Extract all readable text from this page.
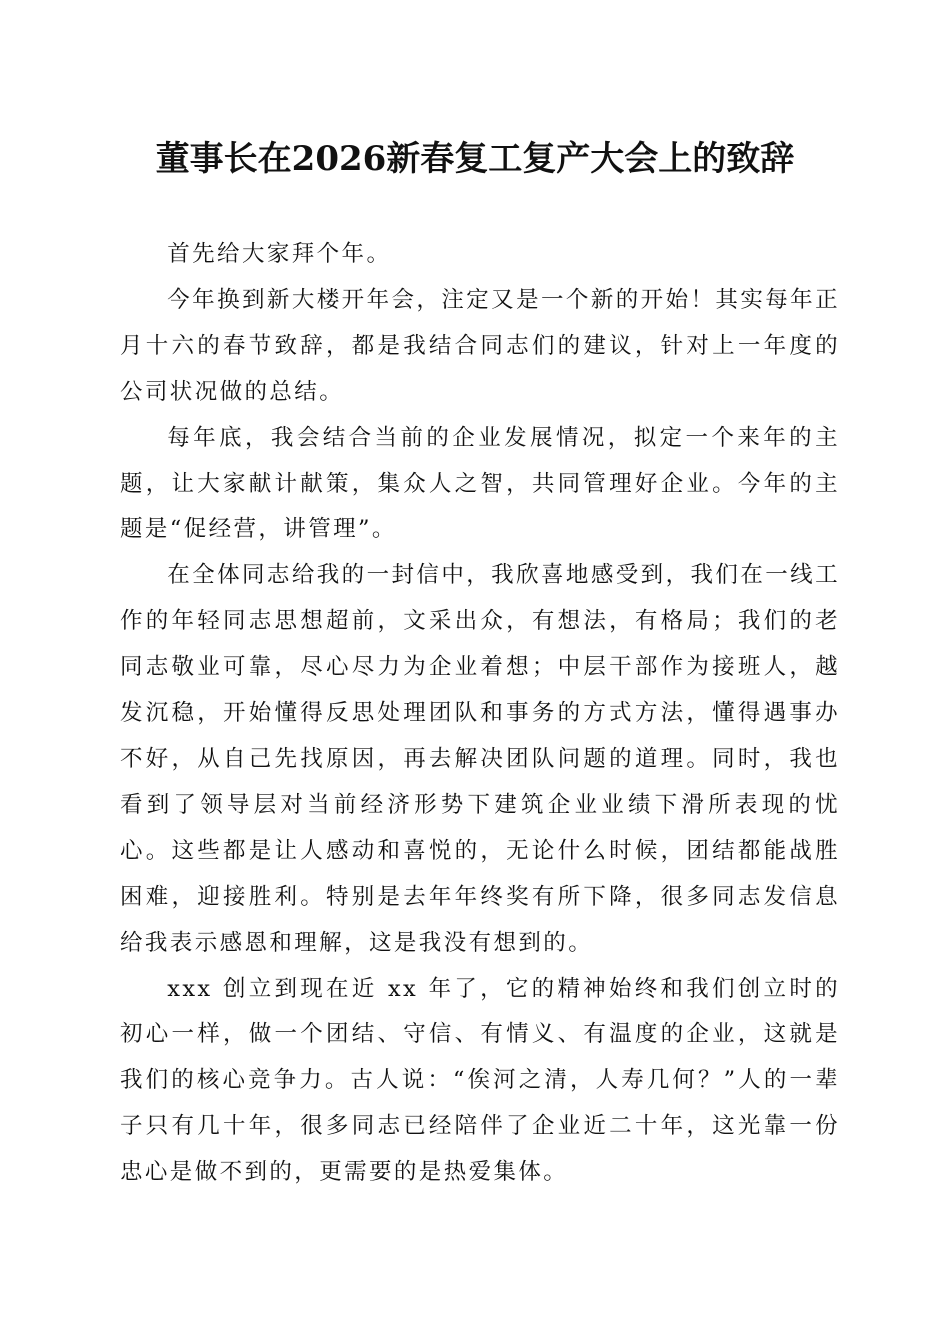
董事长在2026新春复工复产大会上的致辞

首先给大家拜个年。

今年换到新大楼开年会，注定又是一个新的开始！其实每年正月十六的春节致辞，都是我结合同志们的建议，针对上一年度的公司状况做的总结。

每年底，我会结合当前的企业发展情况，拟定一个来年的主题，让大家献计献策，集众人之智，共同管理好企业。今年的主题是“促经营，讲管理”。

在全体同志给我的一封信中，我欣喜地感受到，我们在一线工作的年轻同志思想超前，文采出众，有想法，有格局；我们的老同志敬业可靠，尽心尽力为企业着想；中层干部作为接班人，越发沉稳，开始懂得反思处理团队和事务的方式方法，懂得遇事办不好，从自己先找原因，再去解决团队问题的道理。同时，我也看到了领导层对当前经济形势下建筑企业业绩下滑所表现的忧心。这些都是让人感动和喜悦的，无论什么时候，团结都能战胜困难，迎接胜利。特别是去年年终奖有所下降，很多同志发信息给我表示感恩和理解，这是我没有想到的。

xxx 创立到现在近 xx 年了，它的精神始终和我们创立时的初心一样，做一个团结、守信、有情义、有温度的企业，这就是我们的核心竞争力。古人说：“俟河之清，人寿几何？”人的一辈子只有几十年，很多同志已经陪伴了企业近二十年，这光靠一份忠心是做不到的，更需要的是热爱集体。
